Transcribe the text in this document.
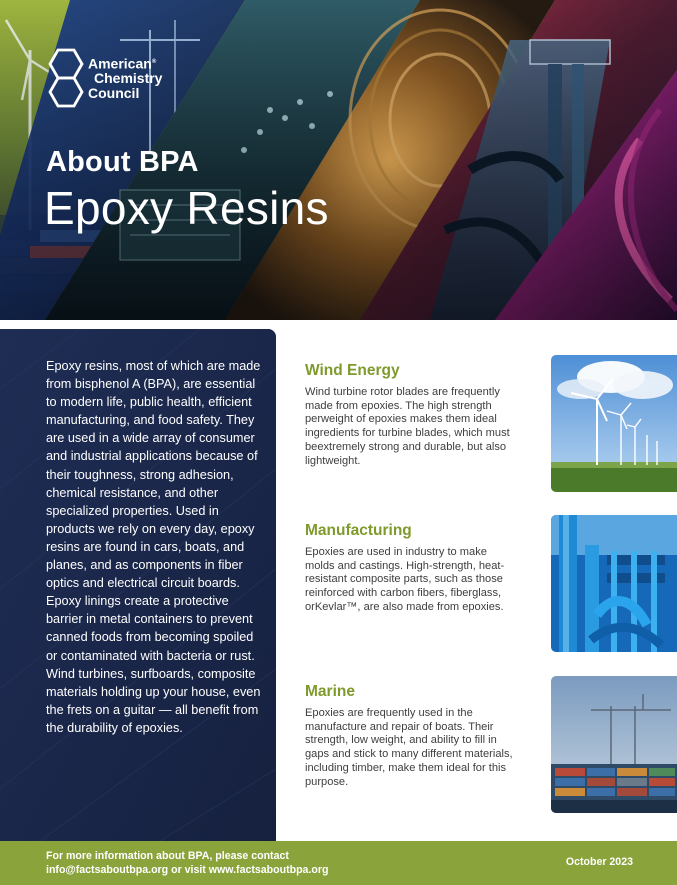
American®
Chemistry
Council
About BPA
Epoxy Resins

Epoxy resins, most of which are made from bisphenol A (BPA), are essential to modern life, public health, efficient manufacturing, and food safety. They are used in a wide array of consumer and industrial applications because of their toughness, strong adhesion, chemical resistance, and other specialized properties. Used in products we rely on every day, epoxy resins are found in cars, boats, and planes, and as components in fiber optics and electrical circuit boards. Epoxy linings create a protective barrier in metal containers to prevent canned foods from becoming spoiled or contaminated with bacteria or rust. Wind turbines, surfboards, composite materials holding up your house, even the frets on a guitar — all benefit from the durability of epoxies.

Wind Energy

Wind turbine rotor blades are frequently made from epoxies. The high strength perweight of epoxies makes them ideal ingredients for turbine blades, which must beextremely strong and durable, but also lightweight.

Manufacturing

Epoxies are used in industry to make molds and castings. High-strength, heat-resistant composite parts, such as those reinforced with carbon fibers, fiberglass, orKevlar™, are also made from epoxies.

Marine

Epoxies are frequently used in the manufacture and repair of boats. Their strength, low weight, and ability to fill in gaps and stick to many different materials, including timber, make them ideal for this purpose.

For more information about BPA, please contact
info@factsaboutbpa.org or visit www.factsaboutbpa.org
October 2023
